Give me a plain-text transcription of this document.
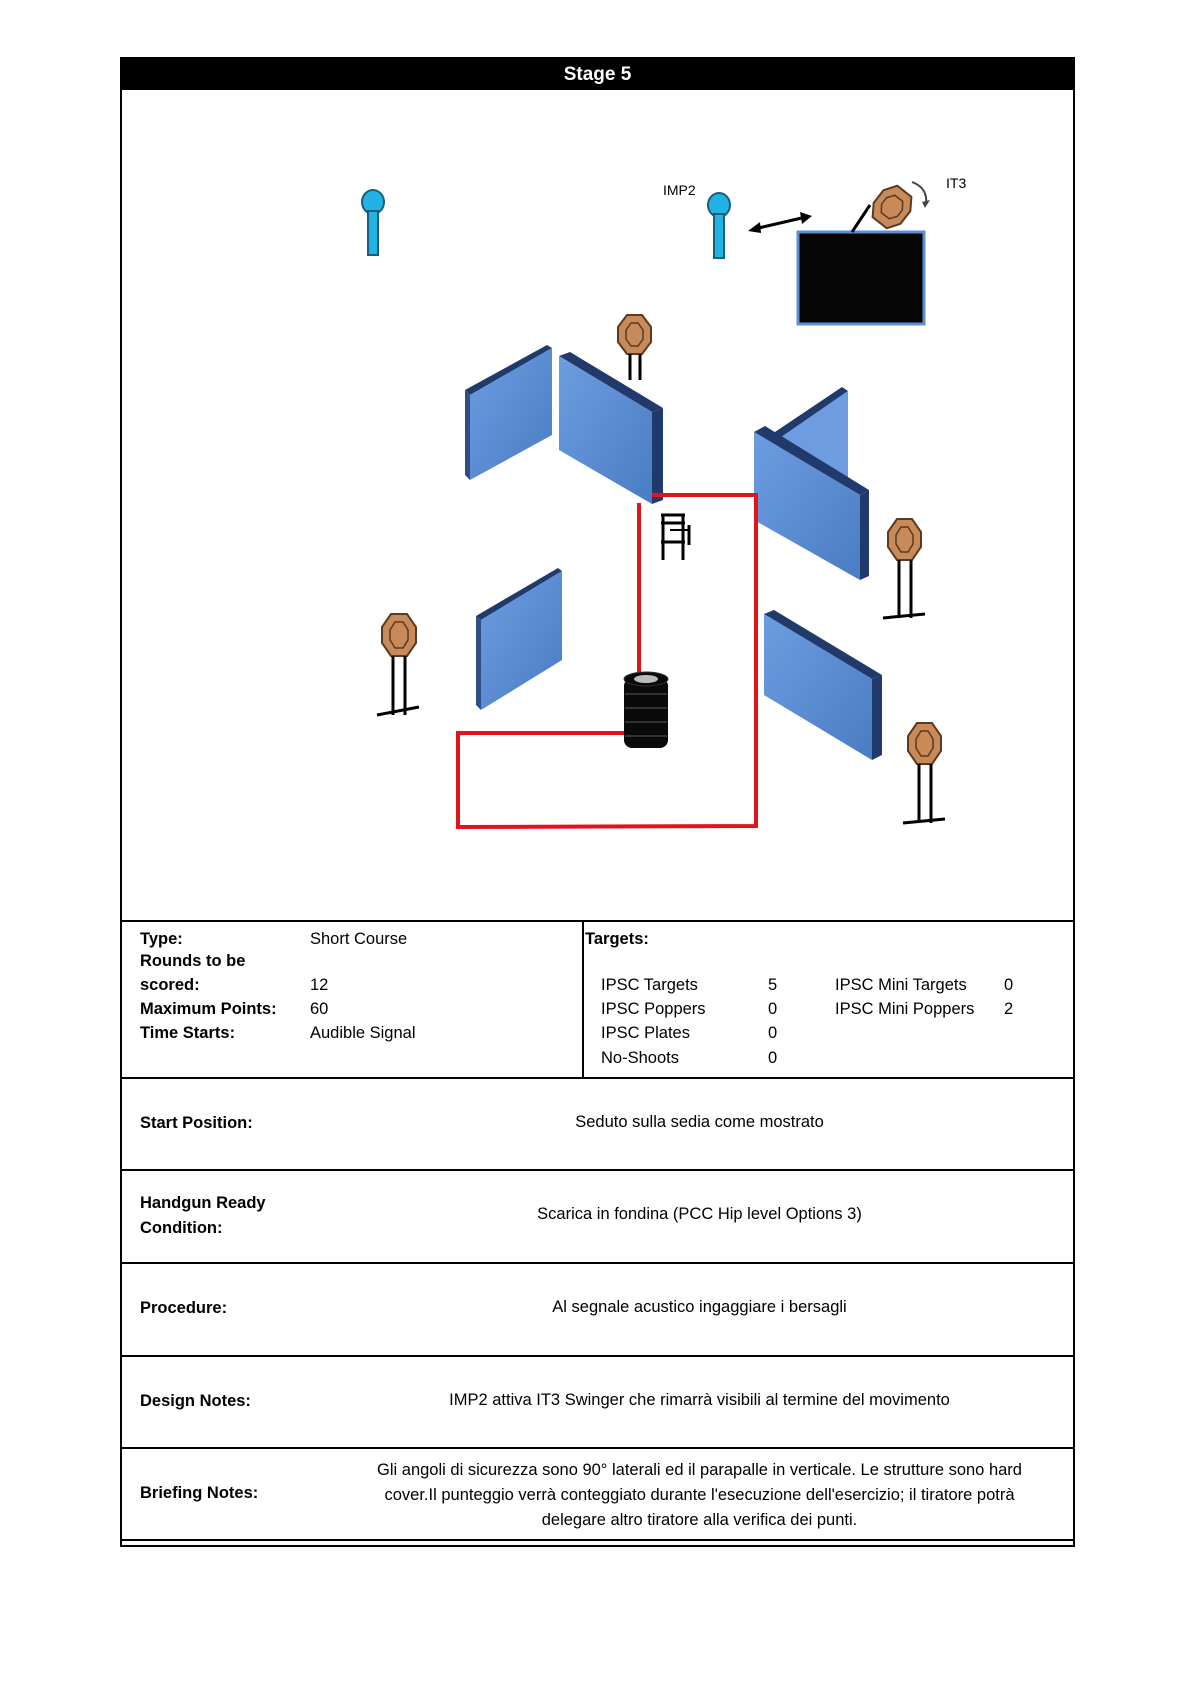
Stage 5
IMP2	IT3
Type:	Short Course
Rounds to be
scored:	12
Maximum Points: 60
Time Starts:	Audible Signal
Targets:
IPSC Targets	5
IPSC Poppers	0
IPSC Plates	0
No-Shoots	0
IPSC Mini Targets 0
IPSC Mini Poppers 2
Start Position:	Seduto sulla sedia come mostrato
Handgun Ready
Condition:
Scarica in fondina (PCC Hip level Options 3)
Procedure:	Al segnale acustico ingaggiare i bersagli
Design Notes:	IMP2 attiva IT3 Swinger che rimarrà visibili al termine del movimento
Briefing Notes:
Gli angoli di sicurezza sono 90° laterali ed il parapalle in verticale. Le strutture sono hard
cover.Il punteggio verrà conteggiato durante l'esecuzione dell'esercizio; il tiratore potrà
delegare altro tiratore alla verifica dei punti.
